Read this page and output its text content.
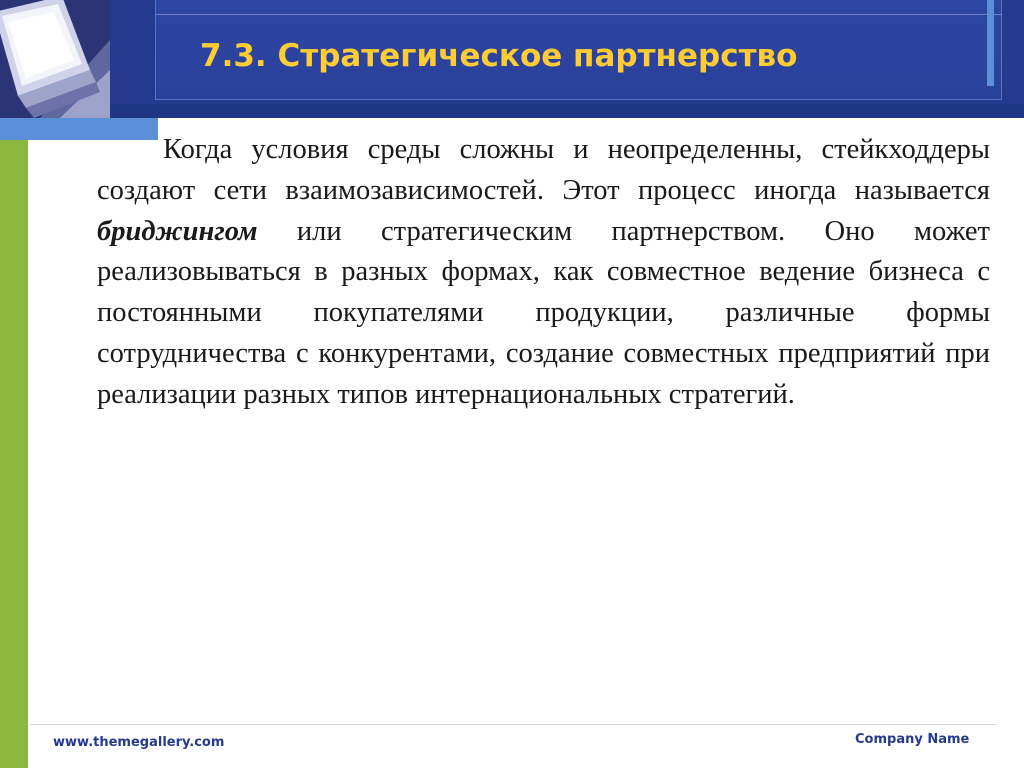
7.3. Стратегическое партнерство

Когда условия среды сложны и неопределенны, стейкходдеры создают сети взаимозависимостей. Этот процесс иногда называется бриджингом или стратегическим партнерством. Оно может реализовываться в разных формах, как совместное ведение бизнеса с постоянными покупателями продукции, различные формы сотрудничества с конкурентами, создание совместных предприятий при реализации разных типов интернациональных стратегий.

www.themegallery.com	Company Name
